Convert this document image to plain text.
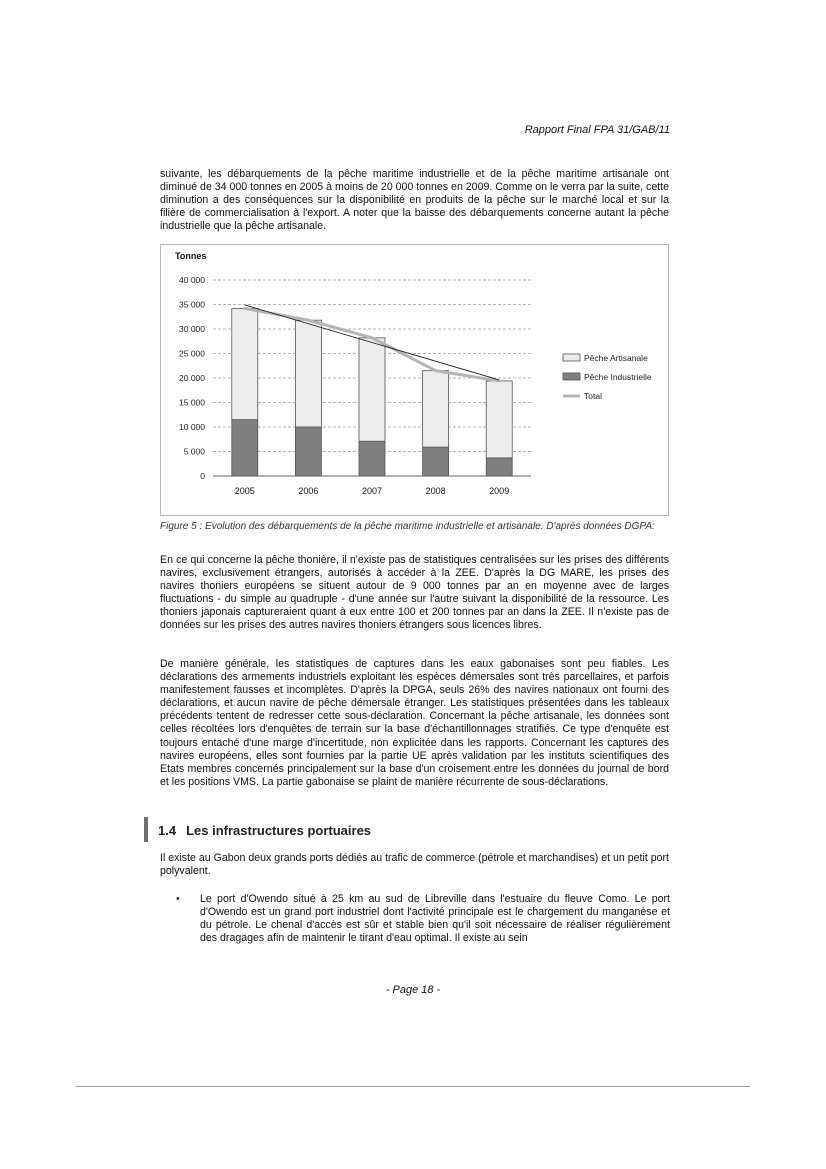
Rapport Final FPA 31/GAB/11

suivante, les débarquements de la pêche maritime industrielle et de la pêche maritime artisanale ont diminué de 34 000 tonnes en 2005 à moins de 20 000 tonnes en 2009. Comme on le verra par la suite, cette diminution a des conséquences sur la disponibilité en produits de la pêche sur le marché local et sur la filière de commercialisation à l'export. A noter que la baisse des débarquements concerne autant la pêche industrielle que la pêche artisanale.

Tonnes
0
5 000
10 000
15 000
20 000
25 000
30 000
35 000
40 000
2005	2006	2007	2008	2009
Pêche Artisanale
Pêche Industrielle
Total

Figure 5 : Evolution des débarquements de la pêche maritime industrielle et artisanale. D'après données DGPA:

En ce qui concerne la pêche thonière, il n'existe pas de statistiques centralisées sur les prises des différents navires, exclusivement étrangers, autorisés à accéder à la ZEE. D'après la DG MARE, les prises des navires thoniers européens se situent autour de 9 000 tonnes par an en moyenne avec de larges fluctuations - du simple au quadruple - d'une année sur l'autre suivant la disponibilité de la ressource. Les thoniers japonais captureraient quant à eux entre 100 et 200 tonnes par an dans la ZEE. Il n'existe pas de données sur les prises des autres navires thoniers étrangers sous licences libres.

De manière générale, les statistiques de captures dans les eaux gabonaises sont peu fiables. Les déclarations des armements industriels exploitant les espèces démersales sont très parcellaires, et parfois manifestement fausses et incomplètes. D'après la DPGA, seuls 26% des navires nationaux ont fourni des déclarations, et aucun navire de pêche démersale étranger. Les statistiques présentées dans les tableaux précédents tentent de redresser cette sous-déclaration. Concernant la pêche artisanale, les données sont celles récoltées lors d'enquêtes de terrain sur la base d'échantillonnages stratifiés. Ce type d'enquête est toujours entaché d'une marge d'incertitude, non explicitée dans les rapports. Concernant les captures des navires européens, elles sont fournies par la partie UE après validation par les instituts scientifiques des Etats membres concernés principalement sur la base d'un croisement entre les données du journal de bord et les positions VMS. La partie gabonaise se plaint de manière récurrente de sous-déclarations.

1.4 Les infrastructures portuaires

Il existe au Gabon deux grands ports dédiés au trafic de commerce (pétrole et marchandises) et un petit port polyvalent.

• Le port d'Owendo situé à 25 km au sud de Libreville dans l'estuaire du fleuve Como. Le port d'Owendo est un grand port industriel dont l'activité principale est le chargement du manganèse et du pétrole. Le chenal d'accès est sûr et stable bien qu'il soit nécessaire de réaliser régulièrement des dragages afin de maintenir le tirant d'eau optimal. Il existe au sein

- Page 18 -
